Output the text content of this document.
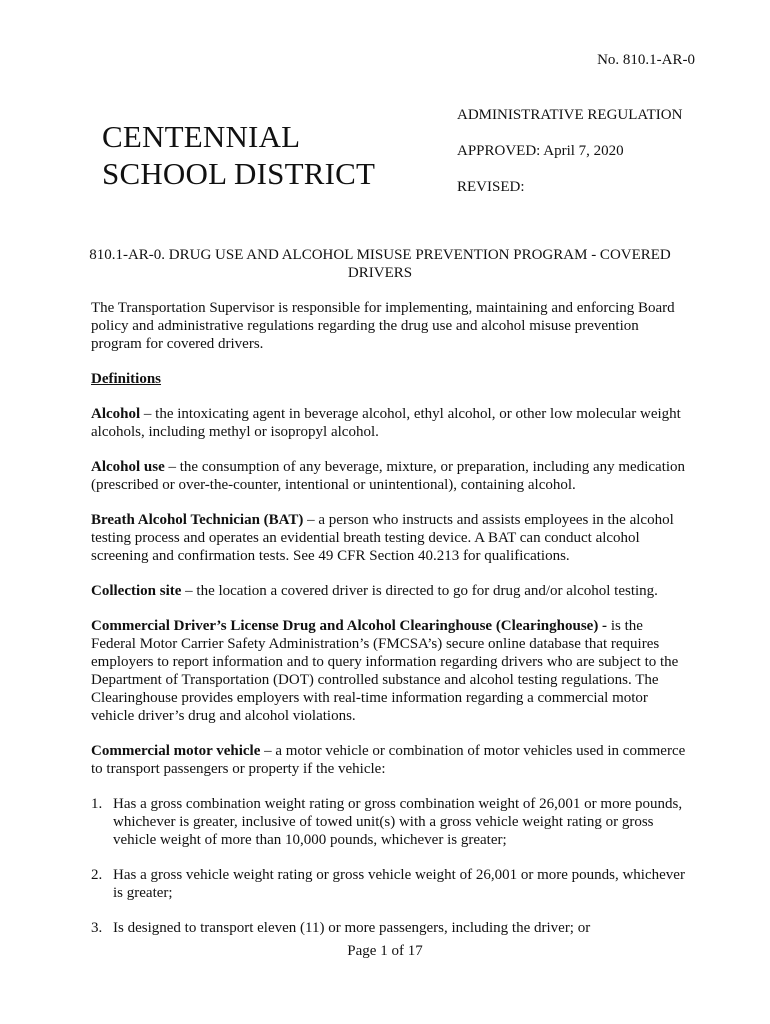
No. 810.1-AR-0
CENTENNIAL
SCHOOL DISTRICT
ADMINISTRATIVE REGULATION
APPROVED: April 7, 2020
REVISED:
810.1-AR-0. DRUG USE AND ALCOHOL MISUSE PREVENTION PROGRAM - COVERED DRIVERS

The Transportation Supervisor is responsible for implementing, maintaining and enforcing Board policy and administrative regulations regarding the drug use and alcohol misuse prevention program for covered drivers.

Definitions

Alcohol – the intoxicating agent in beverage alcohol, ethyl alcohol, or other low molecular weight alcohols, including methyl or isopropyl alcohol.

Alcohol use – the consumption of any beverage, mixture, or preparation, including any medication (prescribed or over-the-counter, intentional or unintentional), containing alcohol.

Breath Alcohol Technician (BAT) – a person who instructs and assists employees in the alcohol testing process and operates an evidential breath testing device. A BAT can conduct alcohol screening and confirmation tests. See 49 CFR Section 40.213 for qualifications.

Collection site – the location a covered driver is directed to go for drug and/or alcohol testing.

Commercial Driver’s License Drug and Alcohol Clearinghouse (Clearinghouse) - is the Federal Motor Carrier Safety Administration’s (FMCSA’s) secure online database that requires employers to report information and to query information regarding drivers who are subject to the Department of Transportation (DOT) controlled substance and alcohol testing regulations. The Clearinghouse provides employers with real-time information regarding a commercial motor vehicle driver’s drug and alcohol violations.

Commercial motor vehicle – a motor vehicle or combination of motor vehicles used in commerce to transport passengers or property if the vehicle:

1. Has a gross combination weight rating or gross combination weight of 26,001 or more pounds, whichever is greater, inclusive of towed unit(s) with a gross vehicle weight rating or gross vehicle weight of more than 10,000 pounds, whichever is greater;
2. Has a gross vehicle weight rating or gross vehicle weight of 26,001 or more pounds, whichever is greater;
3. Is designed to transport eleven (11) or more passengers, including the driver; or
Page 1 of 17
